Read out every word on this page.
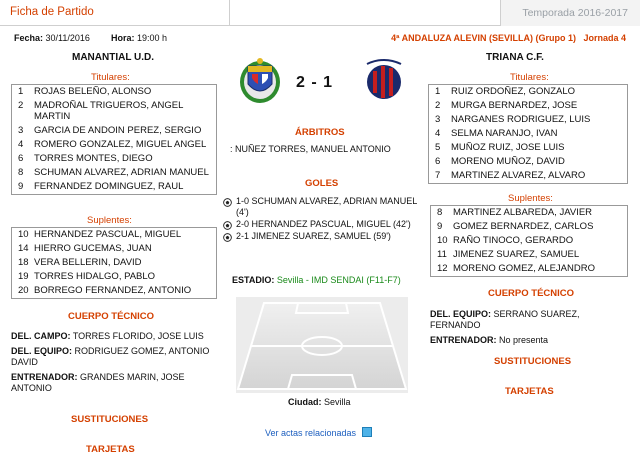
Ficha de Partido	Temporada 2016-2017
Fecha: 30/11/2016 Hora: 19:00 h	4ª ANDALUZA ALEVIN (SEVILLA) (Grupo 1) Jornada 4
MANANTIAL U.D.	TRIANA C.F.
2 - 1
Titulares:
1 ROJAS BELEÑO, ALONSO
2 MADROÑAL TRIGUEROS, ANGEL MARTIN
3 GARCIA DE ANDOIN PEREZ, SERGIO
4 ROMERO GONZALEZ, MIGUEL ANGEL
6 TORRES MONTES, DIEGO
8 SCHUMAN ALVAREZ, ADRIAN MANUEL
9 FERNANDEZ DOMINGUEZ, RAUL
Suplentes:
10 HERNANDEZ PASCUAL, MIGUEL
14 HIERRO GUCEMAS, JUAN
18 VERA BELLERIN, DAVID
19 TORRES HIDALGO, PABLO
20 BORREGO FERNANDEZ, ANTONIO
CUERPO TÉCNICO
DEL. CAMPO: TORRES FLORIDO, JOSE LUIS
DEL. EQUIPO: RODRIGUEZ GOMEZ, ANTONIO DAVID
ENTRENADOR: GRANDES MARIN, JOSE ANTONIO
SUSTITUCIONES
TARJETAS
Titulares:
1 RUIZ ORDOÑEZ, GONZALO
2 MURGA BERNARDEZ, JOSE
3 NARGANES RODRIGUEZ, LUIS
4 SELMA NARANJO, IVAN
5 MUÑOZ RUIZ, JOSE LUIS
6 MORENO MUÑOZ, DAVID
7 MARTINEZ ALVAREZ, ALVARO
Suplentes:
8 MARTINEZ ALBAREDA, JAVIER
9 GOMEZ BERNARDEZ, CARLOS
10 RAÑO TINOCO, GERARDO
11 JIMENEZ SUAREZ, SAMUEL
12 MORENO GOMEZ, ALEJANDRO
CUERPO TÉCNICO
DEL. EQUIPO: SERRANO SUAREZ, FERNANDO
ENTRENADOR: No presenta
SUSTITUCIONES
TARJETAS
ÁRBITROS
: NUÑEZ TORRES, MANUEL ANTONIO
GOLES
1-0 SCHUMAN ALVAREZ, ADRIAN MANUEL (4')
2-0 HERNANDEZ PASCUAL, MIGUEL (42')
2-1 JIMENEZ SUAREZ, SAMUEL (59')
ESTADIO: Sevilla - IMD SENDAI (F11-F7)
Ciudad: Sevilla
Ver actas relacionadas
